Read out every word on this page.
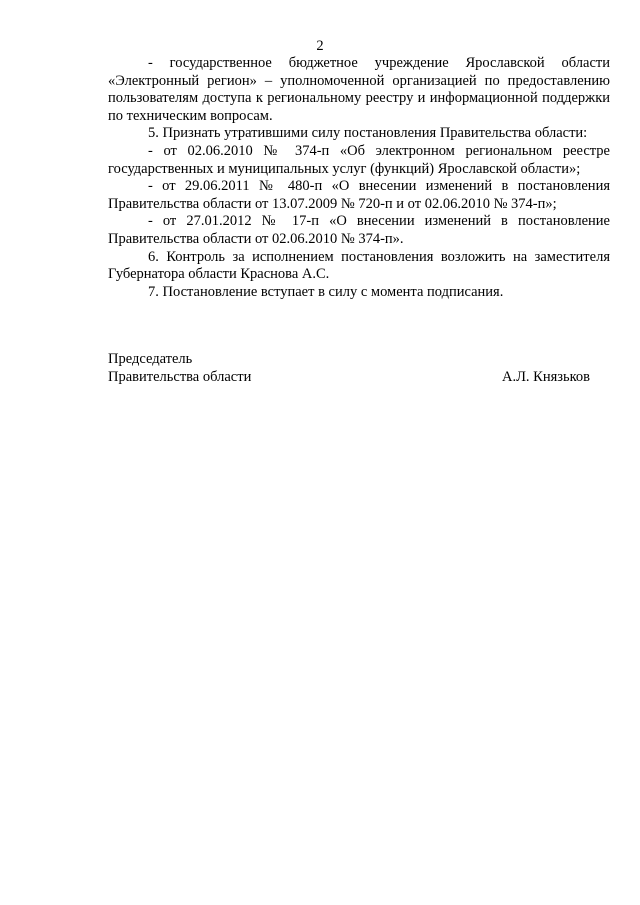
2

- государственное бюджетное учреждение Ярославской области «Электронный регион» – уполномоченной организацией по предоставлению пользователям доступа к региональному реестру и информационной поддержки по техническим вопросам.

5. Признать утратившими силу постановления Правительства области:

- от 02.06.2010 № 374-п «Об электронном региональном реестре государственных и муниципальных услуг (функций) Ярославской области»;

- от 29.06.2011 № 480-п «О внесении изменений в постановления Правительства области от 13.07.2009 № 720-п и от 02.06.2010 № 374-п»;

- от 27.01.2012 № 17-п «О внесении изменений в постановление Правительства области от 02.06.2010 № 374-п».

6. Контроль за исполнением постановления возложить на заместителя Губернатора области Краснова А.С.

7. Постановление вступает в силу с момента подписания.

Председатель
Правительства области	А.Л. Князьков
